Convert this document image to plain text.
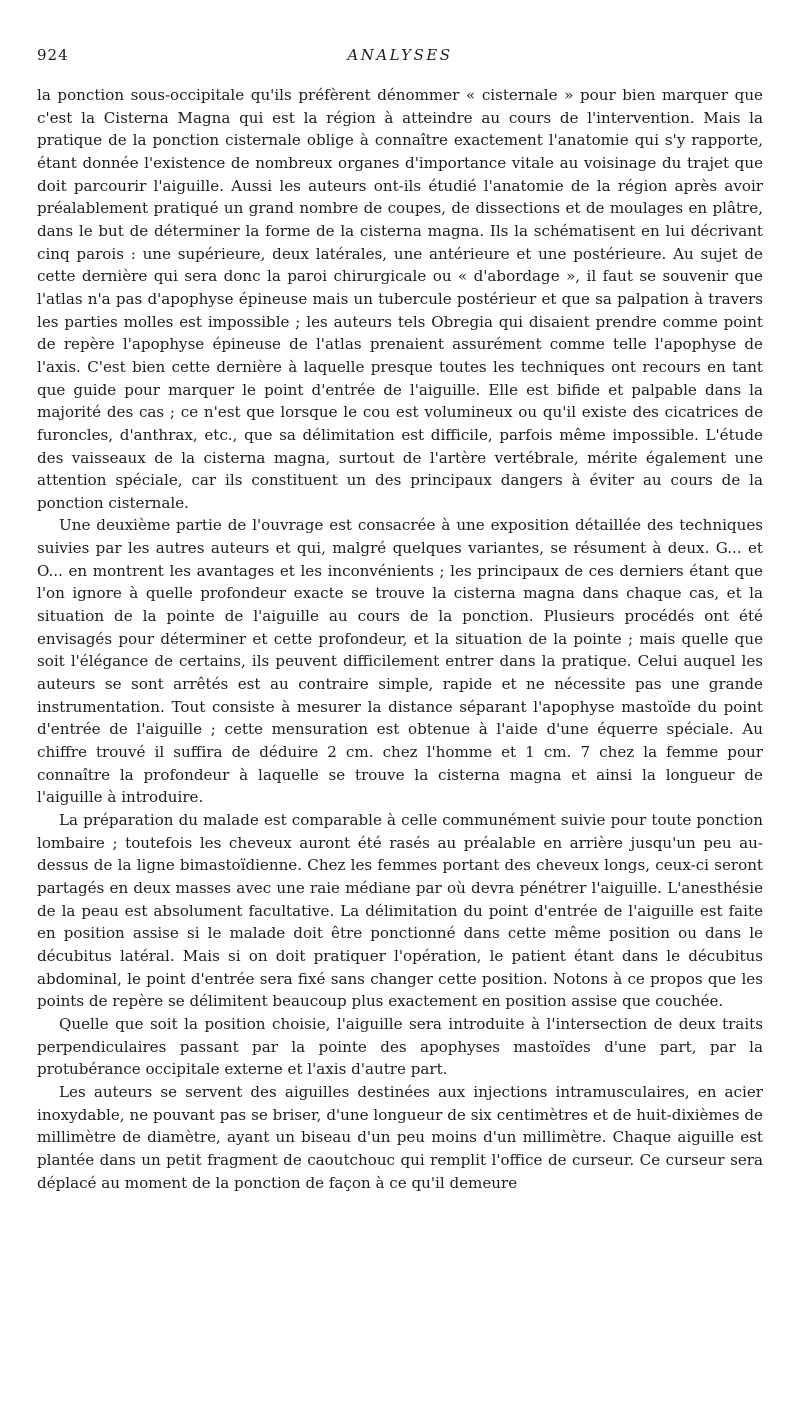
924	ANALYSES

la ponction sous-occipitale qu'ils préfèrent dénommer « cisternale » pour bien marquer que c'est la Cisterna Magna qui est la région à atteindre au cours de l'intervention. Mais la pratique de la ponction cisternale oblige à connaître exactement l'anatomie qui s'y rapporte, étant donnée l'existence de nombreux organes d'importance vitale au voisinage du trajet que doit parcourir l'aiguille. Aussi les auteurs ont-ils étudié l'anatomie de la région après avoir préalablement pratiqué un grand nombre de coupes, de dissections et de moulages en plâtre, dans le but de déterminer la forme de la cisterna magna. Ils la schématisent en lui décrivant cinq parois : une supérieure, deux latérales, une antérieure et une postérieure. Au sujet de cette dernière qui sera donc la paroi chirurgicale ou « d'abordage », il faut se souvenir que l'atlas n'a pas d'apophyse épineuse mais un tubercule postérieur et que sa palpation à travers les parties molles est impossible ; les auteurs tels Obregia qui disaient prendre comme point de repère l'apophyse épineuse de l'atlas prenaient assurément comme telle l'apophyse de l'axis. C'est bien cette dernière à laquelle presque toutes les techniques ont recours en tant que guide pour marquer le point d'entrée de l'aiguille. Elle est bifide et palpable dans la majorité des cas ; ce n'est que lorsque le cou est volumineux ou qu'il existe des cicatrices de furoncles, d'anthrax, etc., que sa délimitation est difficile, parfois même impossible. L'étude des vaisseaux de la cisterna magna, surtout de l'artère vertébrale, mérite également une attention spéciale, car ils constituent un des principaux dangers à éviter au cours de la ponction cisternale.

Une deuxième partie de l'ouvrage est consacrée à une exposition détaillée des techniques suivies par les autres auteurs et qui, malgré quelques variantes, se résument à deux. G... et O... en montrent les avantages et les inconvénients ; les principaux de ces derniers étant que l'on ignore à quelle profondeur exacte se trouve la cisterna magna dans chaque cas, et la situation de la pointe de l'aiguille au cours de la ponction. Plusieurs procédés ont été envisagés pour déterminer et cette profondeur, et la situation de la pointe ; mais quelle que soit l'élégance de certains, ils peuvent difficilement entrer dans la pratique. Celui auquel les auteurs se sont arrêtés est au contraire simple, rapide et ne nécessite pas une grande instrumentation. Tout consiste à mesurer la distance séparant l'apophyse mastoïde du point d'entrée de l'aiguille ; cette mensuration est obtenue à l'aide d'une équerre spéciale. Au chiffre trouvé il suffira de déduire 2 cm. chez l'homme et 1 cm. 7 chez la femme pour connaître la profondeur à laquelle se trouve la cisterna magna et ainsi la longueur de l'aiguille à introduire.

La préparation du malade est comparable à celle communément suivie pour toute ponction lombaire ; toutefois les cheveux auront été rasés au préalable en arrière jusqu'un peu au-dessus de la ligne bimastoïdienne. Chez les femmes portant des cheveux longs, ceux-ci seront partagés en deux masses avec une raie médiane par où devra pénétrer l'aiguille. L'anesthésie de la peau est absolument facultative. La délimitation du point d'entrée de l'aiguille est faite en position assise si le malade doit être ponctionné dans cette même position ou dans le décubitus latéral. Mais si on doit pratiquer l'opération, le patient étant dans le décubitus abdominal, le point d'entrée sera fixé sans changer cette position. Notons à ce propos que les points de repère se délimitent beaucoup plus exactement en position assise que couchée.

Quelle que soit la position choisie, l'aiguille sera introduite à l'intersection de deux traits perpendiculaires passant par la pointe des apophyses mastoïdes d'une part, par la protubérance occipitale externe et l'axis d'autre part.

Les auteurs se servent des aiguilles destinées aux injections intramusculaires, en acier inoxydable, ne pouvant pas se briser, d'une longueur de six centimètres et de huit-dixièmes de millimètre de diamètre, ayant un biseau d'un peu moins d'un millimètre. Chaque aiguille est plantée dans un petit fragment de caoutchouc qui remplit l'office de curseur. Ce curseur sera déplacé au moment de la ponction de façon à ce qu'il demeure
